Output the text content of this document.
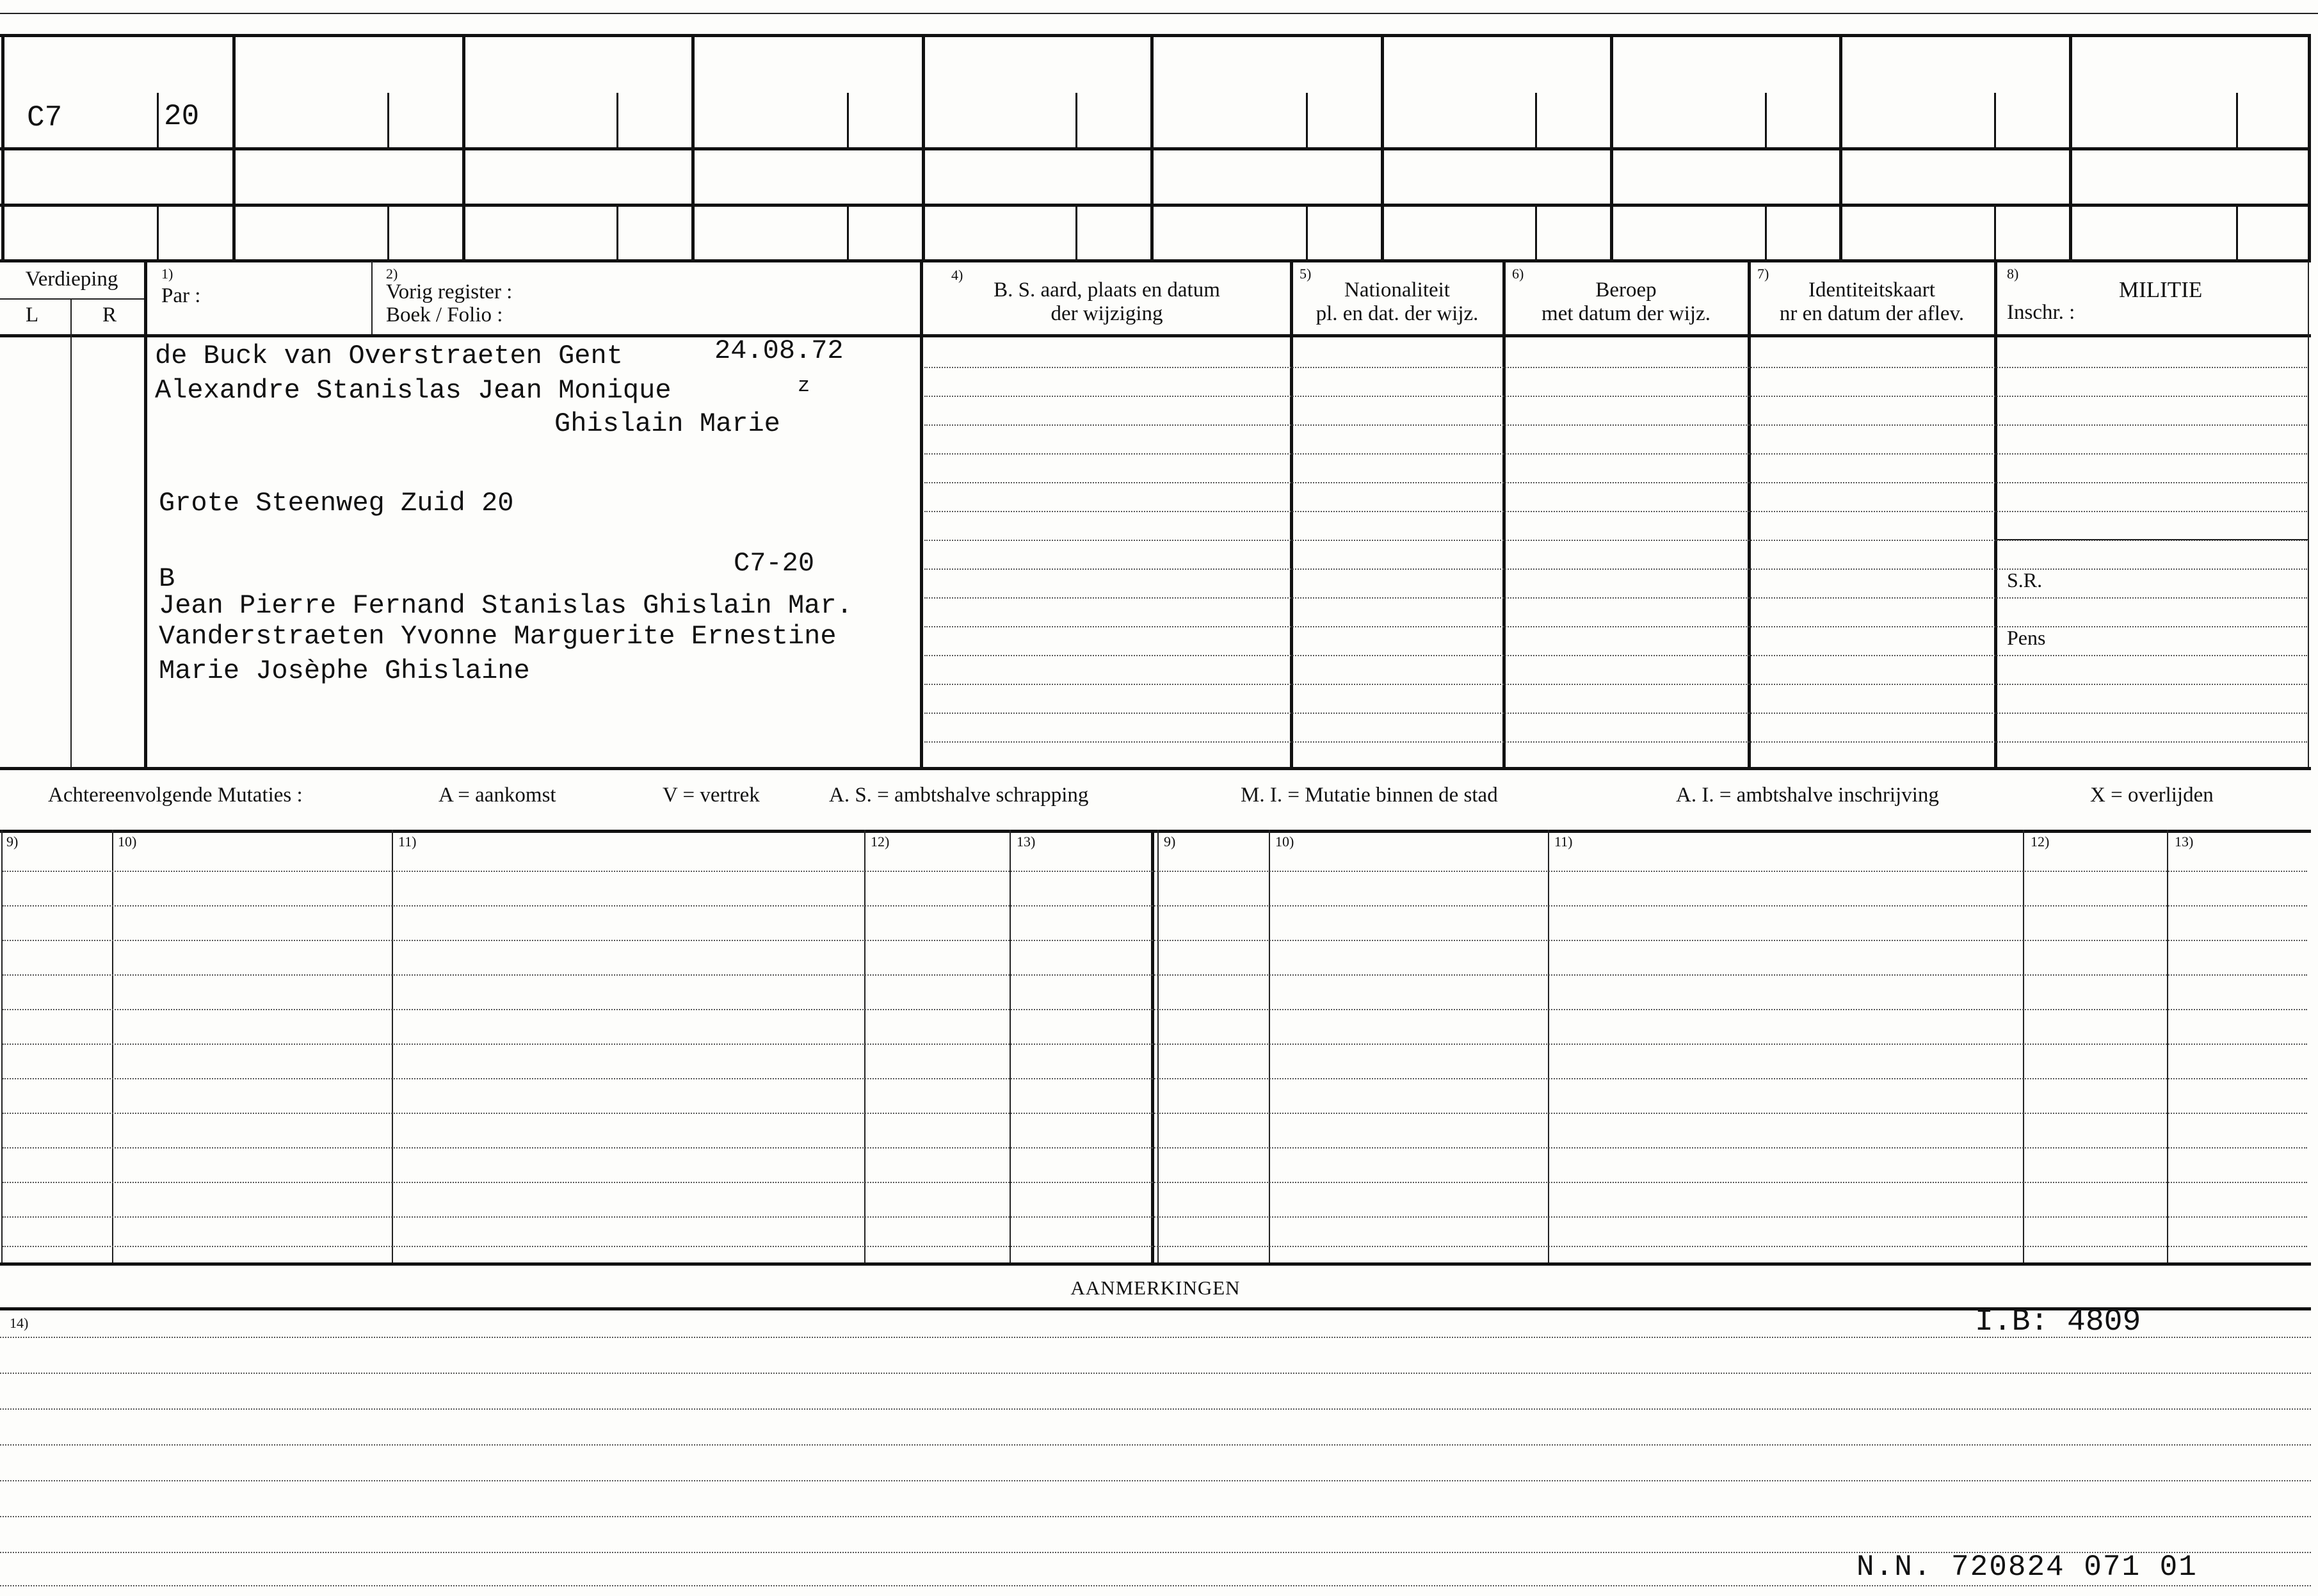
C7	20
Verdieping
L	R
1)
Par :
2)
Vorig register :
Boek / Folio :
4)
B. S. aard, plaats en datum
der wijziging
5)
Nationaliteit
pl. en dat. der wijz.
6)
Beroep
met datum der wijz.
7)
Identiteitskaart
nr en datum der aflev.
8)
MILITIE
Inschr. :
de Buck van Overstraeten Gent	24.08.72
Alexandre Stanislas Jean Monique	z
Ghislain Marie
Grote Steenweg Zuid 20
B	C7-20
Jean Pierre Fernand Stanislas Ghislain Mar.
Vanderstraeten Yvonne Marguerite Ernestine
Marie Josèphe Ghislaine
S.R.
Pens
Achtereenvolgende Mutaties :	A = aankomst	V = vertrek	A. S. = ambtshalve schrapping	M. I. = Mutatie binnen de stad	A. I. = ambtshalve inschrijving	X = overlijden
9)	10)	11)	12)	13)	9)	10)	11)	12)	13)
AANMERKINGEN
14)	I.B: 4809
N.N. 720824 071 01
